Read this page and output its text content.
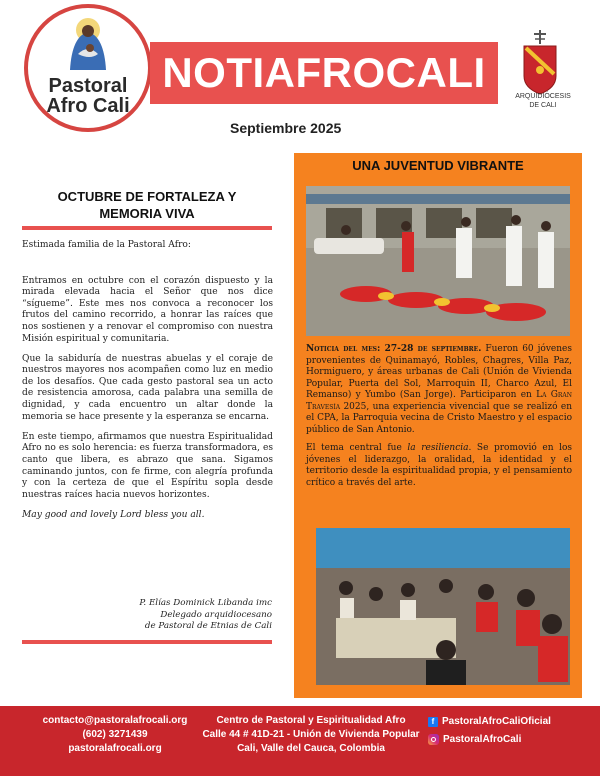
Pastoral
Afro Cali
NOTIAFROCALI
ARQUIDIÓCESIS
DE CALI
Septiembre 2025
OCTUBRE DE FORTALEZA Y
MEMORIA VIVA

Estimada familia de la Pastoral Afro:

Entramos en octubre con el corazón dispuesto y la mirada elevada hacia el Señor que nos dice “sígueme”. Este mes nos convoca a reconocer los frutos del camino recorrido, a honrar las raíces que nos sostienen y a renovar el compromiso con nuestra Misión espiritual y comunitaria.

Que la sabiduría de nuestras abuelas y el coraje de nuestros mayores nos acompañen como luz en medio de los desafíos. Que cada gesto pastoral sea un acto de resistencia amorosa, cada palabra una semilla de dignidad, y cada encuentro un altar donde la memoria se hace presente y la esperanza se encarna.

En este tiempo, afirmamos que nuestra Espiritualidad Afro no es solo herencia: es fuerza transformadora, es canto que libera, es abrazo que sana. Sigamos caminando juntos, con fe firme, con alegría profunda y con la certeza de que el Espíritu sopla desde nuestras raíces hacia nuevos horizontes.

May good and lovely Lord bless you all.

P. Elías Dominick Libanda imc
Delegado arquidiocesano
de Pastoral de Etnias de Cali
UNA JUVENTUD VIBRANTE

Noticia del mes: 27-28 de septiembre. Fueron 60 jóvenes provenientes de Quinamayó, Robles, Chagres, Villa Paz, Hormiguero, y áreas urbanas de Cali (Unión de Vivienda Popular, Puerta del Sol, Marroquin II, Charco Azul, El Remanso) y Yumbo (San Jorge). Participaron en La Gran Travesía 2025, una experiencia vivencial que se realizó en el CPA, la Parroquia vecina de Cristo Maestro y el espacio público de San Antonio.

El tema central fue la resiliencia. Se promovió en los jóvenes el liderazgo, la oralidad, la identidad y el territorio desde la espiritualidad propia, y el pensamiento crítico a través del arte.

contacto@pastoralafrocali.org
(602) 3271439
pastoralafrocali.org
Centro de Pastoral y Espiritualidad Afro
Calle 44 # 41D-21 - Unión de Vivienda Popular
Cali, Valle del Cauca, Colombia
f PastoralAfroCaliOficial
PastoralAfroCali
